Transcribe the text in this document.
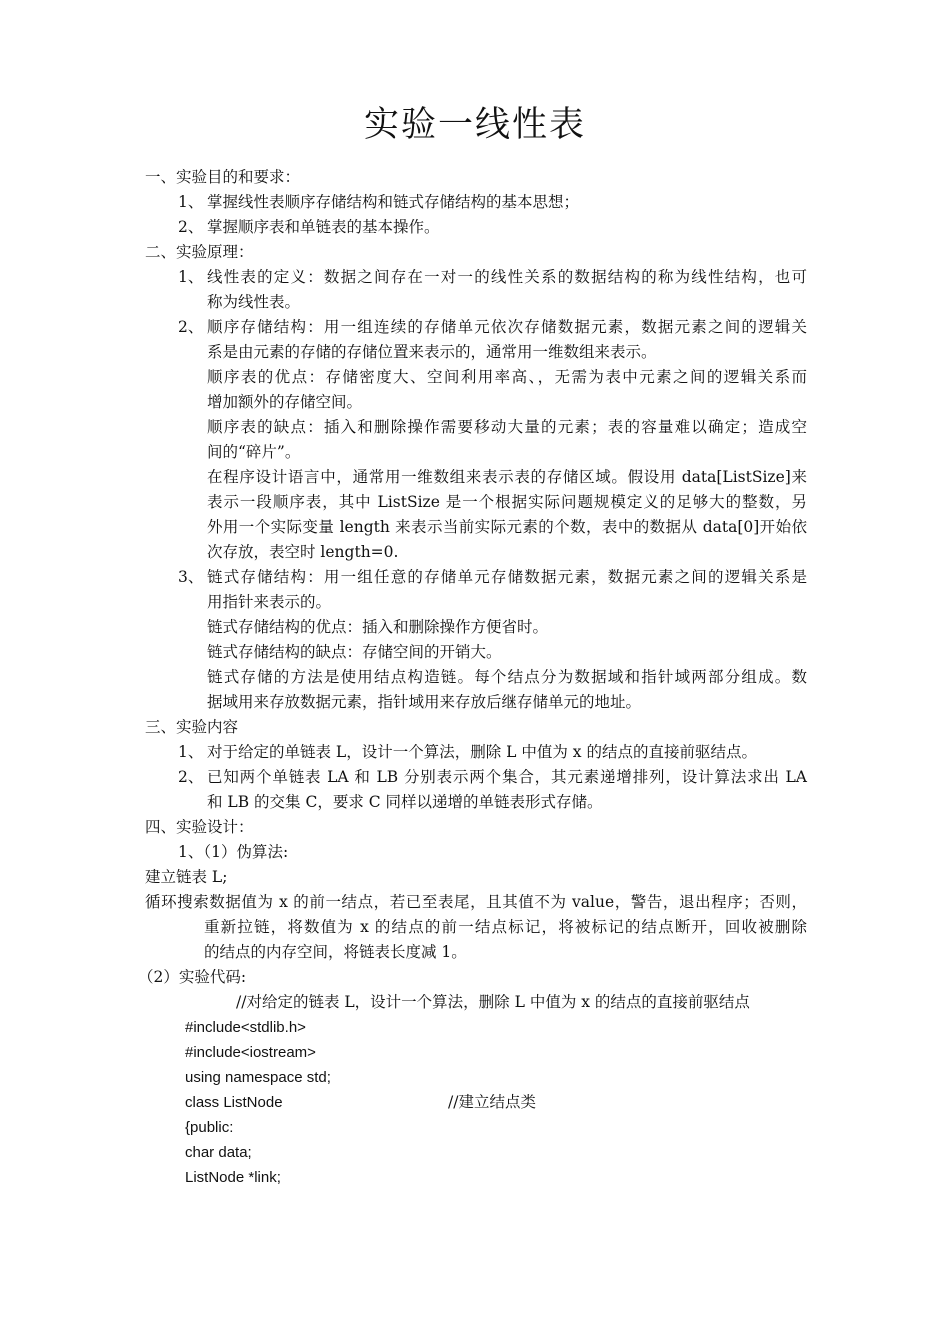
实验一线性表
一、实验目的和要求：
1、 掌握线性表顺序存储结构和链式存储结构的基本思想；
2、 掌握顺序表和单链表的基本操作。
二、实验原理：
1、 线性表的定义：数据之间存在一对一的线性关系的数据结构的称为线性结构，也可
称为线性表。
2、 顺序存储结构：用一组连续的存储单元依次存储数据元素，数据元素之间的逻辑关
系是由元素的存储的存储位置来表示的，通常用一维数组来表示。
顺序表的优点：存储密度大、空间利用率高、，无需为表中元素之间的逻辑关系而
增加额外的存储空间。
顺序表的缺点：插入和删除操作需要移动大量的元素；表的容量难以确定；造成空
间的“碎片”。
在程序设计语言中，通常用一维数组来表示表的存储区域。假设用 data[ListSize]来
表示一段顺序表，其中 ListSize 是一个根据实际问题规模定义的足够大的整数，另
外用一个实际变量 length 来表示当前实际元素的个数，表中的数据从 data[0]开始依
次存放，表空时 length=0.
3、 链式存储结构：用一组任意的存储单元存储数据元素，数据元素之间的逻辑关系是
用指针来表示的。
链式存储结构的优点：插入和删除操作方便省时。
链式存储结构的缺点：存储空间的开销大。
链式存储的方法是使用结点构造链。每个结点分为数据域和指针域两部分组成。数
据域用来存放数据元素，指针域用来存放后继存储单元的地址。
三、实验内容
1、 对于给定的单链表 L，设计一个算法，删除 L 中值为 x 的结点的直接前驱结点。
2、 已知两个单链表 LA 和 LB 分别表示两个集合，其元素递增排列，设计算法求出 LA
和 LB 的交集 C，要求 C 同样以递增的单链表形式存储。
四、实验设计：
1、（1）伪算法:
建立链表 L;
循环搜索数据值为 x 的前一结点，若已至表尾，且其值不为 value，警告，退出程序；否则，
重新拉链，将数值为 x 的结点的前一结点标记，将被标记的结点断开，回收被删除
的结点的内存空间，将链表长度减 1。
（2）实验代码:
//对给定的链表 L，设计一个算法，删除 L 中值为 x 的结点的直接前驱结点
#include<stdlib.h>
#include<iostream>
using namespace std;
class ListNode	//建立结点类
{public:
char data;
ListNode *link;
